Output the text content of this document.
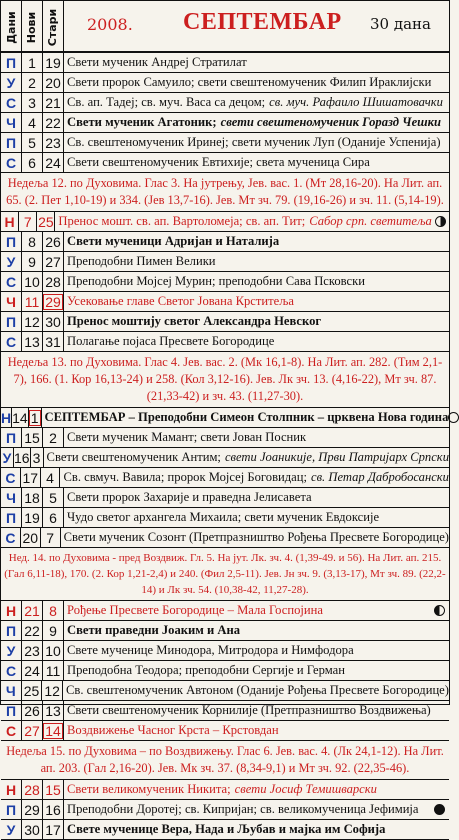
Дани Нови Стари 2008. СЕПТЕМБАР 30 дана
П 1 19 Свети мученик Андреј Стратилат
У 2 20 Свети пророк Самуило; свети свештеномученик Филип Ираклијски
С 3 21 Св. ап. Тадеј; св. муч. Васа са децом; св. муч. Рафаило Шишатовачки
Ч 4 22 Свети мученик Агатоник; свети свештеномученик Горазд Чешки
П 5 23 Св. свештеномученик Иринеј; свети мученик Луп (Оданије Успенија)
С 6 24 Свети свештеномученик Евтихије; света мученица Сира
Недеља 12. по Духовима. Глас 3. На јутрењу, Јев. вас. 1. (Мт 28,16-20). На Лит. ап. 65. (2. Пет 1,10-19) и 334. (Јев 13,7-16). Јев. Мт зч. 79. (19,16-26) и зч. 11. (5,14-19).
Н 7 25 Пренос мошт. св. ап. Вартоломеја; св. ап. Тит; Сабор срп. светитеља
П 8 26 Свети мученици Адријан и Наталија
У 9 27 Преподобни Пимен Велики
С 10 28 Преподобни Мојсеј Мурин; преподобни Сава Псковски
Ч 11 29 Усековање главе Светог Јована Крститеља
П 12 30 Пренос моштију светог Александра Невског
С 13 31 Полагање појаса Пресвете Богородице
Недеља 13. по Духовима. Глас 4. Јев. вас. 2. (Мк 16,1-8). На Лит. ап. 282. (Тим 2,1-7), 166. (1. Кор 16,13-24) и 258. (Кол 3,12-16). Јев. Лк зч. 13. (4,16-22), Мт зч. 87. (21,33-42) и зч. 43. (11,27-30).
Н 14 1 СЕПТЕМБАР – Преподобни Симеон Столпник – црквена Нова година
П 15 2 Свети мученик Мамант; свети Јован Посник
У 16 3 Свети свештеномученик Антим; свети Јоаникије, Први Патријарх Српски
С 17 4 Св. свмуч. Вавила; пророк Мојсеј Боговидац; св. Петар Дабробосански
Ч 18 5 Свети пророк Захарије и праведна Јелисавета
П 19 6 Чудо светог архангела Михаила; свети мученик Евдоксије
С 20 7 Свети мученик Созонт (Претпразништво Рођења Пресвете Богородице)
Нед. 14. по Духовима - пред Воздвиж. Гл. 5. На јут. Лк. зч. 4. (1,39-49. и 56). На Лит. ап. 215. (Гал 6,11-18), 170. (2. Кор 1,21-2,4) и 240. (Фил 2,5-11). Јев. Јн зч. 9. (3,13-17), Мт зч. 89. (22,2-14) и Лк зч. 54. (10,38-42, 11,27-28).
Н 21 8 Рођење Пресвете Богородице – Мала Госпојина
П 22 9 Свети праведни Јоаким и Ана
У 23 10 Свете мученице Минодора, Митродора и Нимфодора
С 24 11 Преподобна Теодора; преподобни Сергије и Герман
Ч 25 12 Св. свештеномученик Автоном (Оданије Рођења Пресвете Богородице)
П 26 13 Свети свештеномученик Корнилије (Претпразништво Воздвижења)
С 27 14 Воздвижење Часног Крста – Крстовдан
Недеља 15. по Духовима – по Воздвижењу. Глас 6. Јев. вас. 4. (Лк 24,1-12). На Лит. ап. 203. (Гал 2,16-20). Јев. Мк зч. 37. (8,34-9,1) и Мт зч. 92. (22,35-46).
Н 28 15 Свети великомученик Никита; свети Јосиф Темишварски
П 29 16 Преподобни Доротеј; св. Кипријан; св. великомученица Јефимија
У 30 17 Свете мученице Вера, Нада и Љубав и мајка им Софија
